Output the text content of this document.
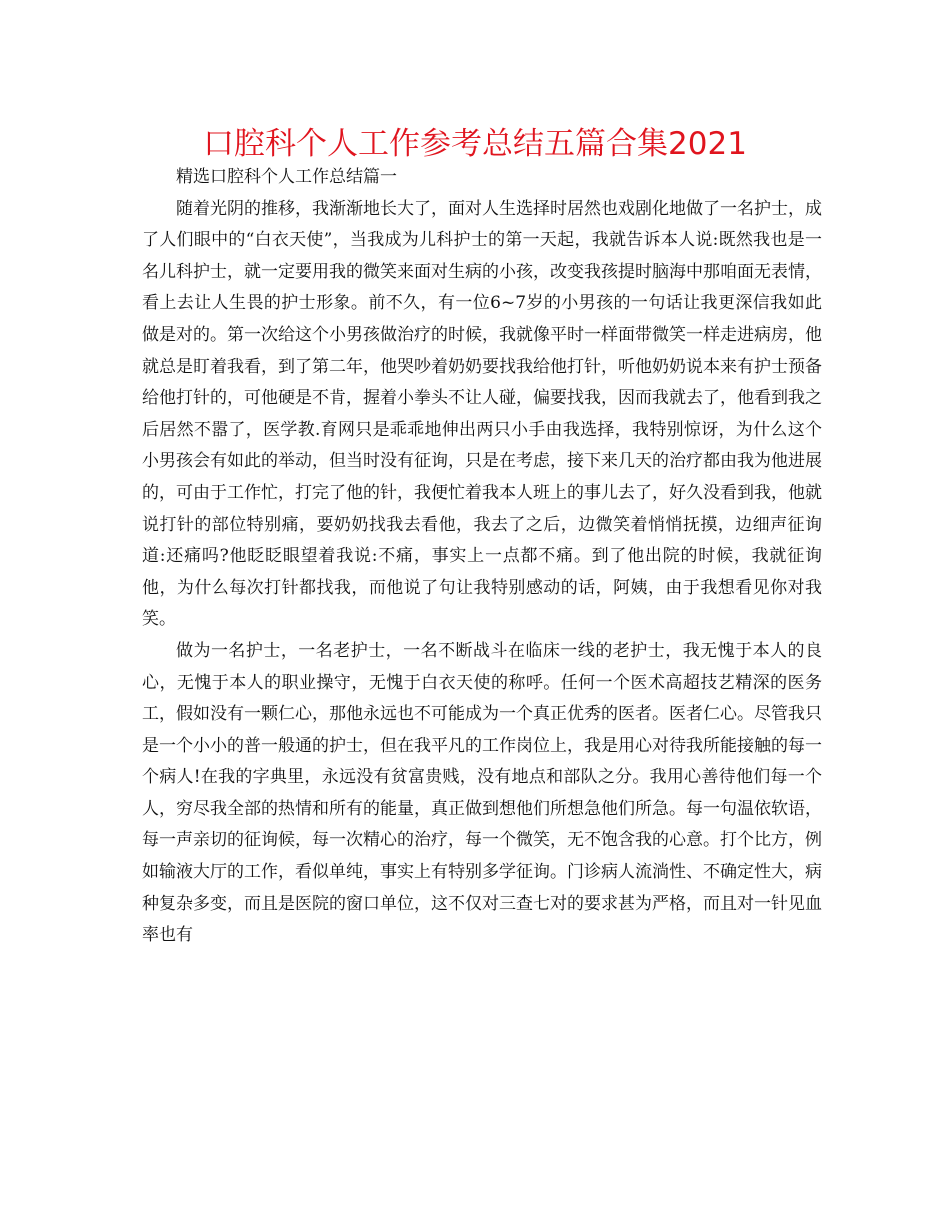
口腔科个人工作参考总结五篇合集2021

精选口腔科个人工作总结篇一

随着光阴的推移，我渐渐地长大了，面对人生选择时居然也戏剧化地做了一名护士，成了人们眼中的“白衣天使”，当我成为儿科护士的第一天起，我就告诉本人说:既然我也是一名儿科护士，就一定要用我的微笑来面对生病的小孩，改变我孩提时脑海中那咱面无表情，看上去让人生畏的护士形象。前不久，有一位6~7岁的小男孩的一句话让我更深信我如此做是对的。第一次给这个小男孩做治疗的时候，我就像平时一样面带微笑一样走进病房，他就总是盯着我看，到了第二年，他哭吵着奶奶要找我给他打针，听他奶奶说本来有护士预备给他打针的，可他硬是不肯，握着小拳头不让人碰，偏要找我，因而我就去了，他看到我之后居然不嚣了，医学教.育网只是乖乖地伸出两只小手由我选择，我特别惊讶，为什么这个小男孩会有如此的举动，但当时没有征询，只是在考虑，接下来几天的治疗都由我为他进展的，可由于工作忙，打完了他的针，我便忙着我本人班上的事儿去了，好久没看到我，他就说打针的部位特别痛，要奶奶找我去看他，我去了之后，边微笑着悄悄抚摸，边细声征询道:还痛吗?他眨眨眼望着我说:不痛，事实上一点都不痛。到了他出院的时候，我就征询他，为什么每次打针都找我，而他说了句让我特别感动的话，阿姨，由于我想看见你对我笑。

做为一名护士，一名老护士，一名不断战斗在临床一线的老护士，我无愧于本人的良心，无愧于本人的职业操守，无愧于白衣天使的称呼。任何一个医术高超技艺精深的医务工，假如没有一颗仁心，那他永远也不可能成为一个真正优秀的医者。医者仁心。尽管我只是一个小小的普一般通的护士，但在我平凡的工作岗位上，我是用心对待我所能接触的每一个病人!在我的字典里，永远没有贫富贵贱，没有地点和部队之分。我用心善待他们每一个人，穷尽我全部的热情和所有的能量，真正做到想他们所想急他们所急。每一句温依软语，每一声亲切的征询候，每一次精心的治疗，每一个微笑，无不饱含我的心意。打个比方，例如输液大厅的工作，看似单纯，事实上有特别多学征询。门诊病人流淌性、不确定性大，病种复杂多变，而且是医院的窗口单位，这不仅对三查七对的要求甚为严格，而且对一针见血率也有
